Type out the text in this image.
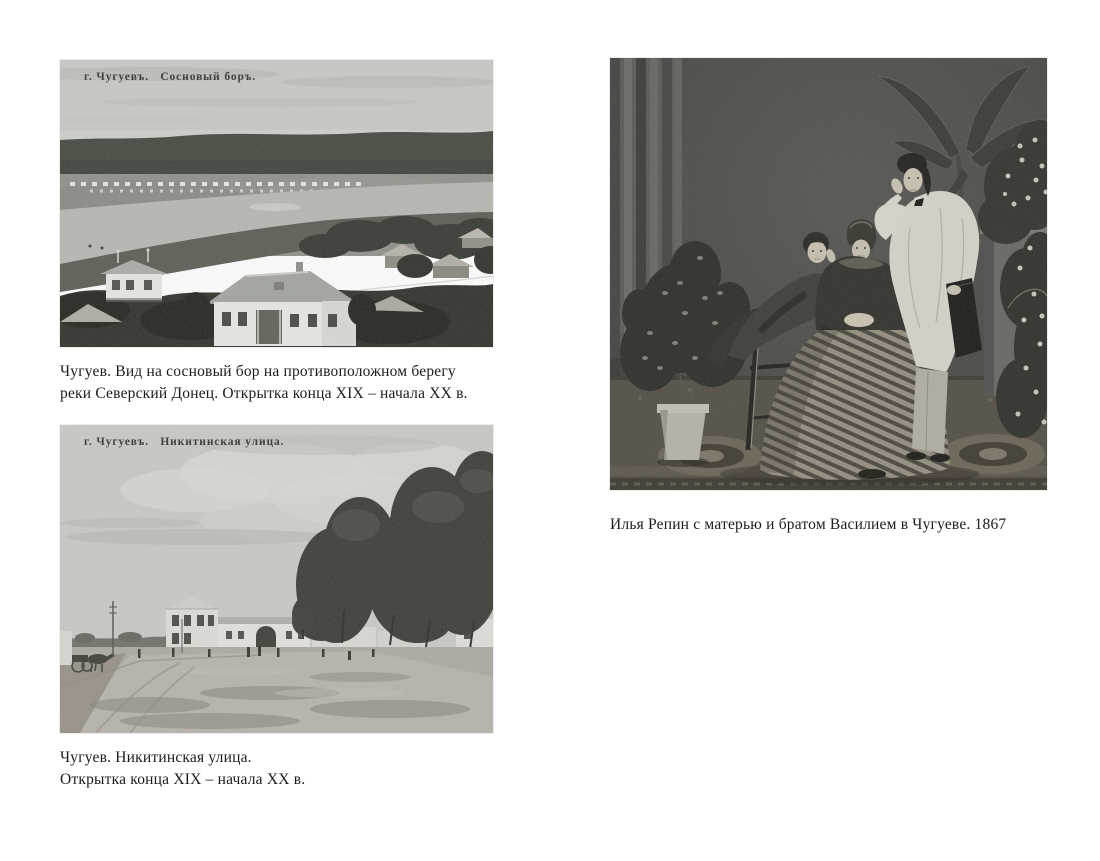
г. Чугуевъ.   Сосновый боръ.
Чугуев. Вид на сосновый бор на противоположном берегу
реки Северский Донец. Открытка конца XIX – начала XX в.
г. Чугуевъ.   Никитинская улица.
Чугуев. Никитинская улица.
Открытка конца XIX – начала XX в.
Илья Репин с матерью и братом Василием в Чугуеве. 1867
